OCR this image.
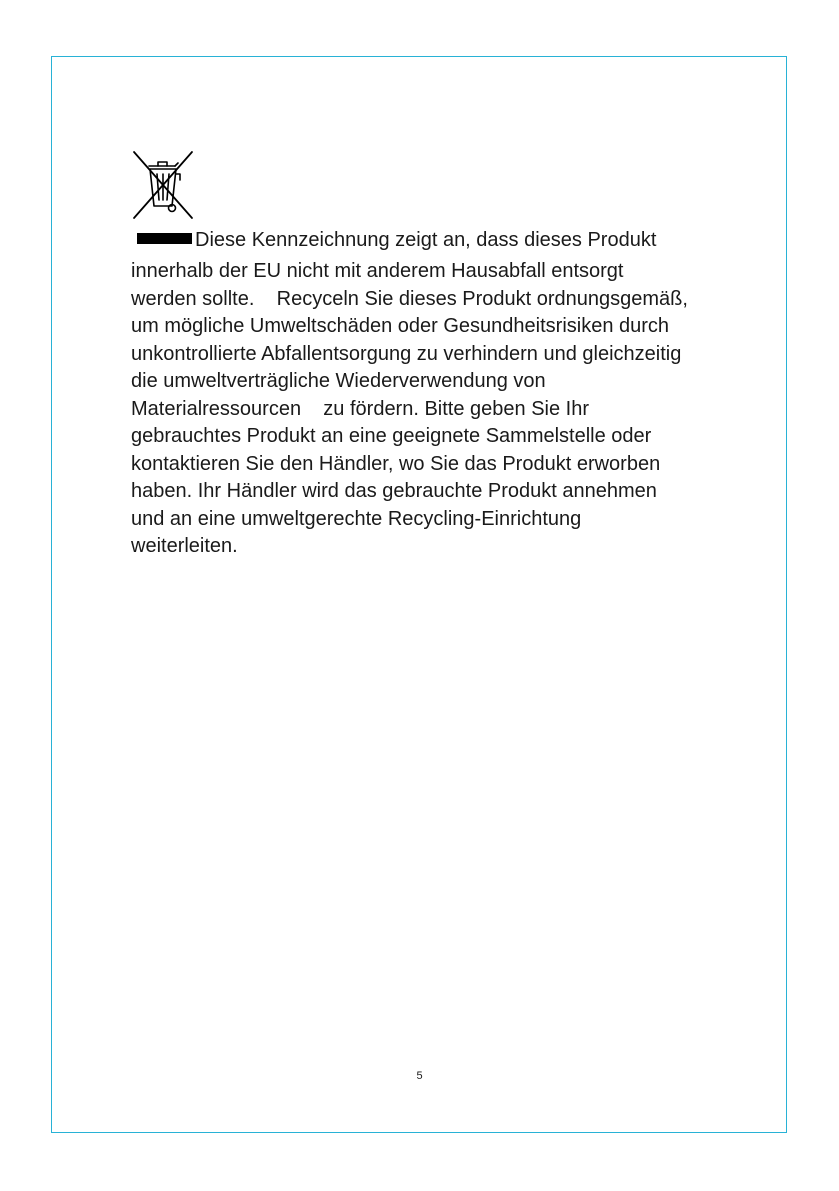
Diese Kennzeichnung zeigt an, dass dieses Produkt
innerhalb der EU nicht mit anderem Hausabfall entsorgt
werden sollte.    Recyceln Sie dieses Produkt ordnungsgemäß,
um mögliche Umweltschäden oder Gesundheitsrisiken durch
unkontrollierte Abfallentsorgung zu verhindern und gleichzeitig
die umweltverträgliche Wiederverwendung von
Materialressourcen    zu fördern. Bitte geben Sie Ihr
gebrauchtes Produkt an eine geeignete Sammelstelle oder
kontaktieren Sie den Händler, wo Sie das Produkt erworben
haben. Ihr Händler wird das gebrauchte Produkt annehmen
und an eine umweltgerechte Recycling-Einrichtung
weiterleiten.
5
